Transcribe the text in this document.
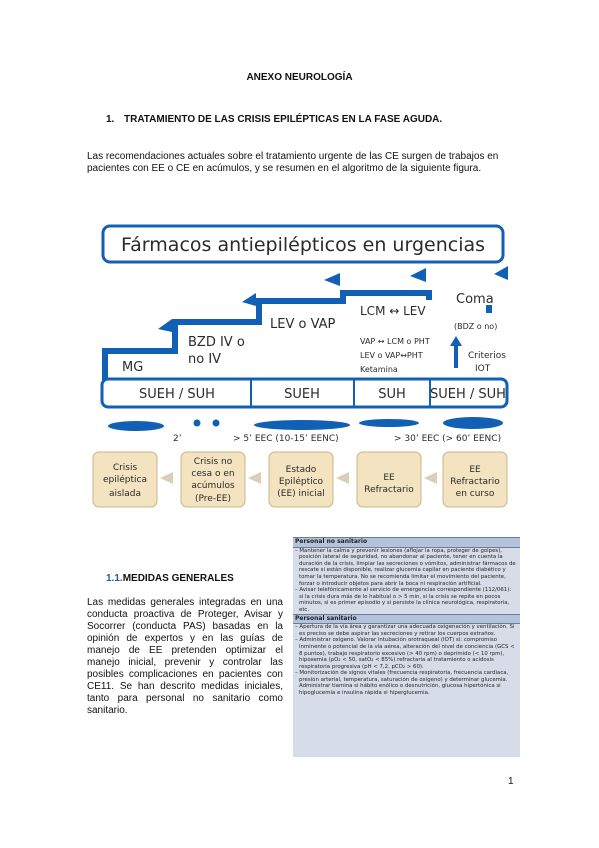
ANEXO NEUROLOGÍA
1. TRATAMIENTO DE LAS CRISIS EPILÉPTICAS EN LA FASE AGUDA.
Las recomendaciones actuales sobre el tratamiento urgente de las CE surgen de trabajos en pacientes con EE o CE en acúmulos, y se resumen en el algoritmo de la siguiente figura.
Fármacos antiepilépticos en urgencias
MG
BZD IV o
no IV
LEV o VAP
LCM ↔ LEV
VAP ↔ LCM o PHT
LEV o VAP↔PHT
Ketamina
Coma
(BDZ o no)
Criterios
IOT
SUEH / SUH	SUEH	SUH SUEH / SUH
2’	> 5’ EEC (10-15’ EENC)	> 30’ EEC (> 60’ EENC)
Crisis
epiléptica
aislada
Crisis no
cesa o en
acúmulos
(Pre-EE)
Estado
Epiléptico
(EE) inicial
EE
Refractario
EE
Refractario
en curso
1.1.MEDIDAS GENERALES
Las medidas generales integradas en una conducta proactiva de Proteger, Avisar y Socorrer (conducta PAS) basadas en la opinión de expertos y en las guías de manejo de EE pretenden optimizar el manejo inicial, prevenir y controlar las posibles complicaciones en pacientes con CE11. Se han descrito medidas iniciales, tanto para personal no sanitario como sanitario.
Personal no sanitario
– Mantener la calma y prevenir lesiones (aflojar la ropa, proteger de golpes), posición lateral de seguridad, no abandonar al paciente, tener en cuenta la duración de la crisis, limpiar las secreciones o vómitos, administrar fármacos de rescate si están disponible, realizar glucemia capilar en paciente diabético y tomar la temperatura. No se recomienda limitar el movimiento del paciente, forzar o introducir objetos para abrir la boca ni respiración artificial.
– Avisar telefónicamente al servicio de emergencias correspondiente (112/061): si la crisis dura más de lo habitual o > 5 min, si la crisis se repite en pocos minutos, si es primer episodio y si persiste la clínica neurológica, respiratoria, etc.
Personal sanitario
– Apertura de la vía área y garantizar una adecuada oxigenación y ventilación. Si es preciso se debe aspirar las secreciones y retirar los cuerpos extraños.
– Administrar oxígeno. Valorar intubación orotraqueal (IOT) si: compromiso inminente o potencial de la vía aérea, alteración del nivel de conciencia (GCS < 8 puntos), trabajo respiratorio excesivo (> 40 rpm) o deprimido (< 10 rpm), hipoxemia (pO₂ < 50, satO₂ < 85%) refractaria al tratamiento o acidosis respiratoria progresiva (pH < 7,2, pCO₂ > 60).
– Monitorización de signos vitales (frecuencia respiratoria, frecuencia cardiaca, presión arterial, temperatura, saturación de oxígeno) y determinar glucemia. Administrar tiamina si hábito enólico o desnutrición, glucosa hipertónica si hipoglucemia e insulina rápida si hiperglucemia.
1
